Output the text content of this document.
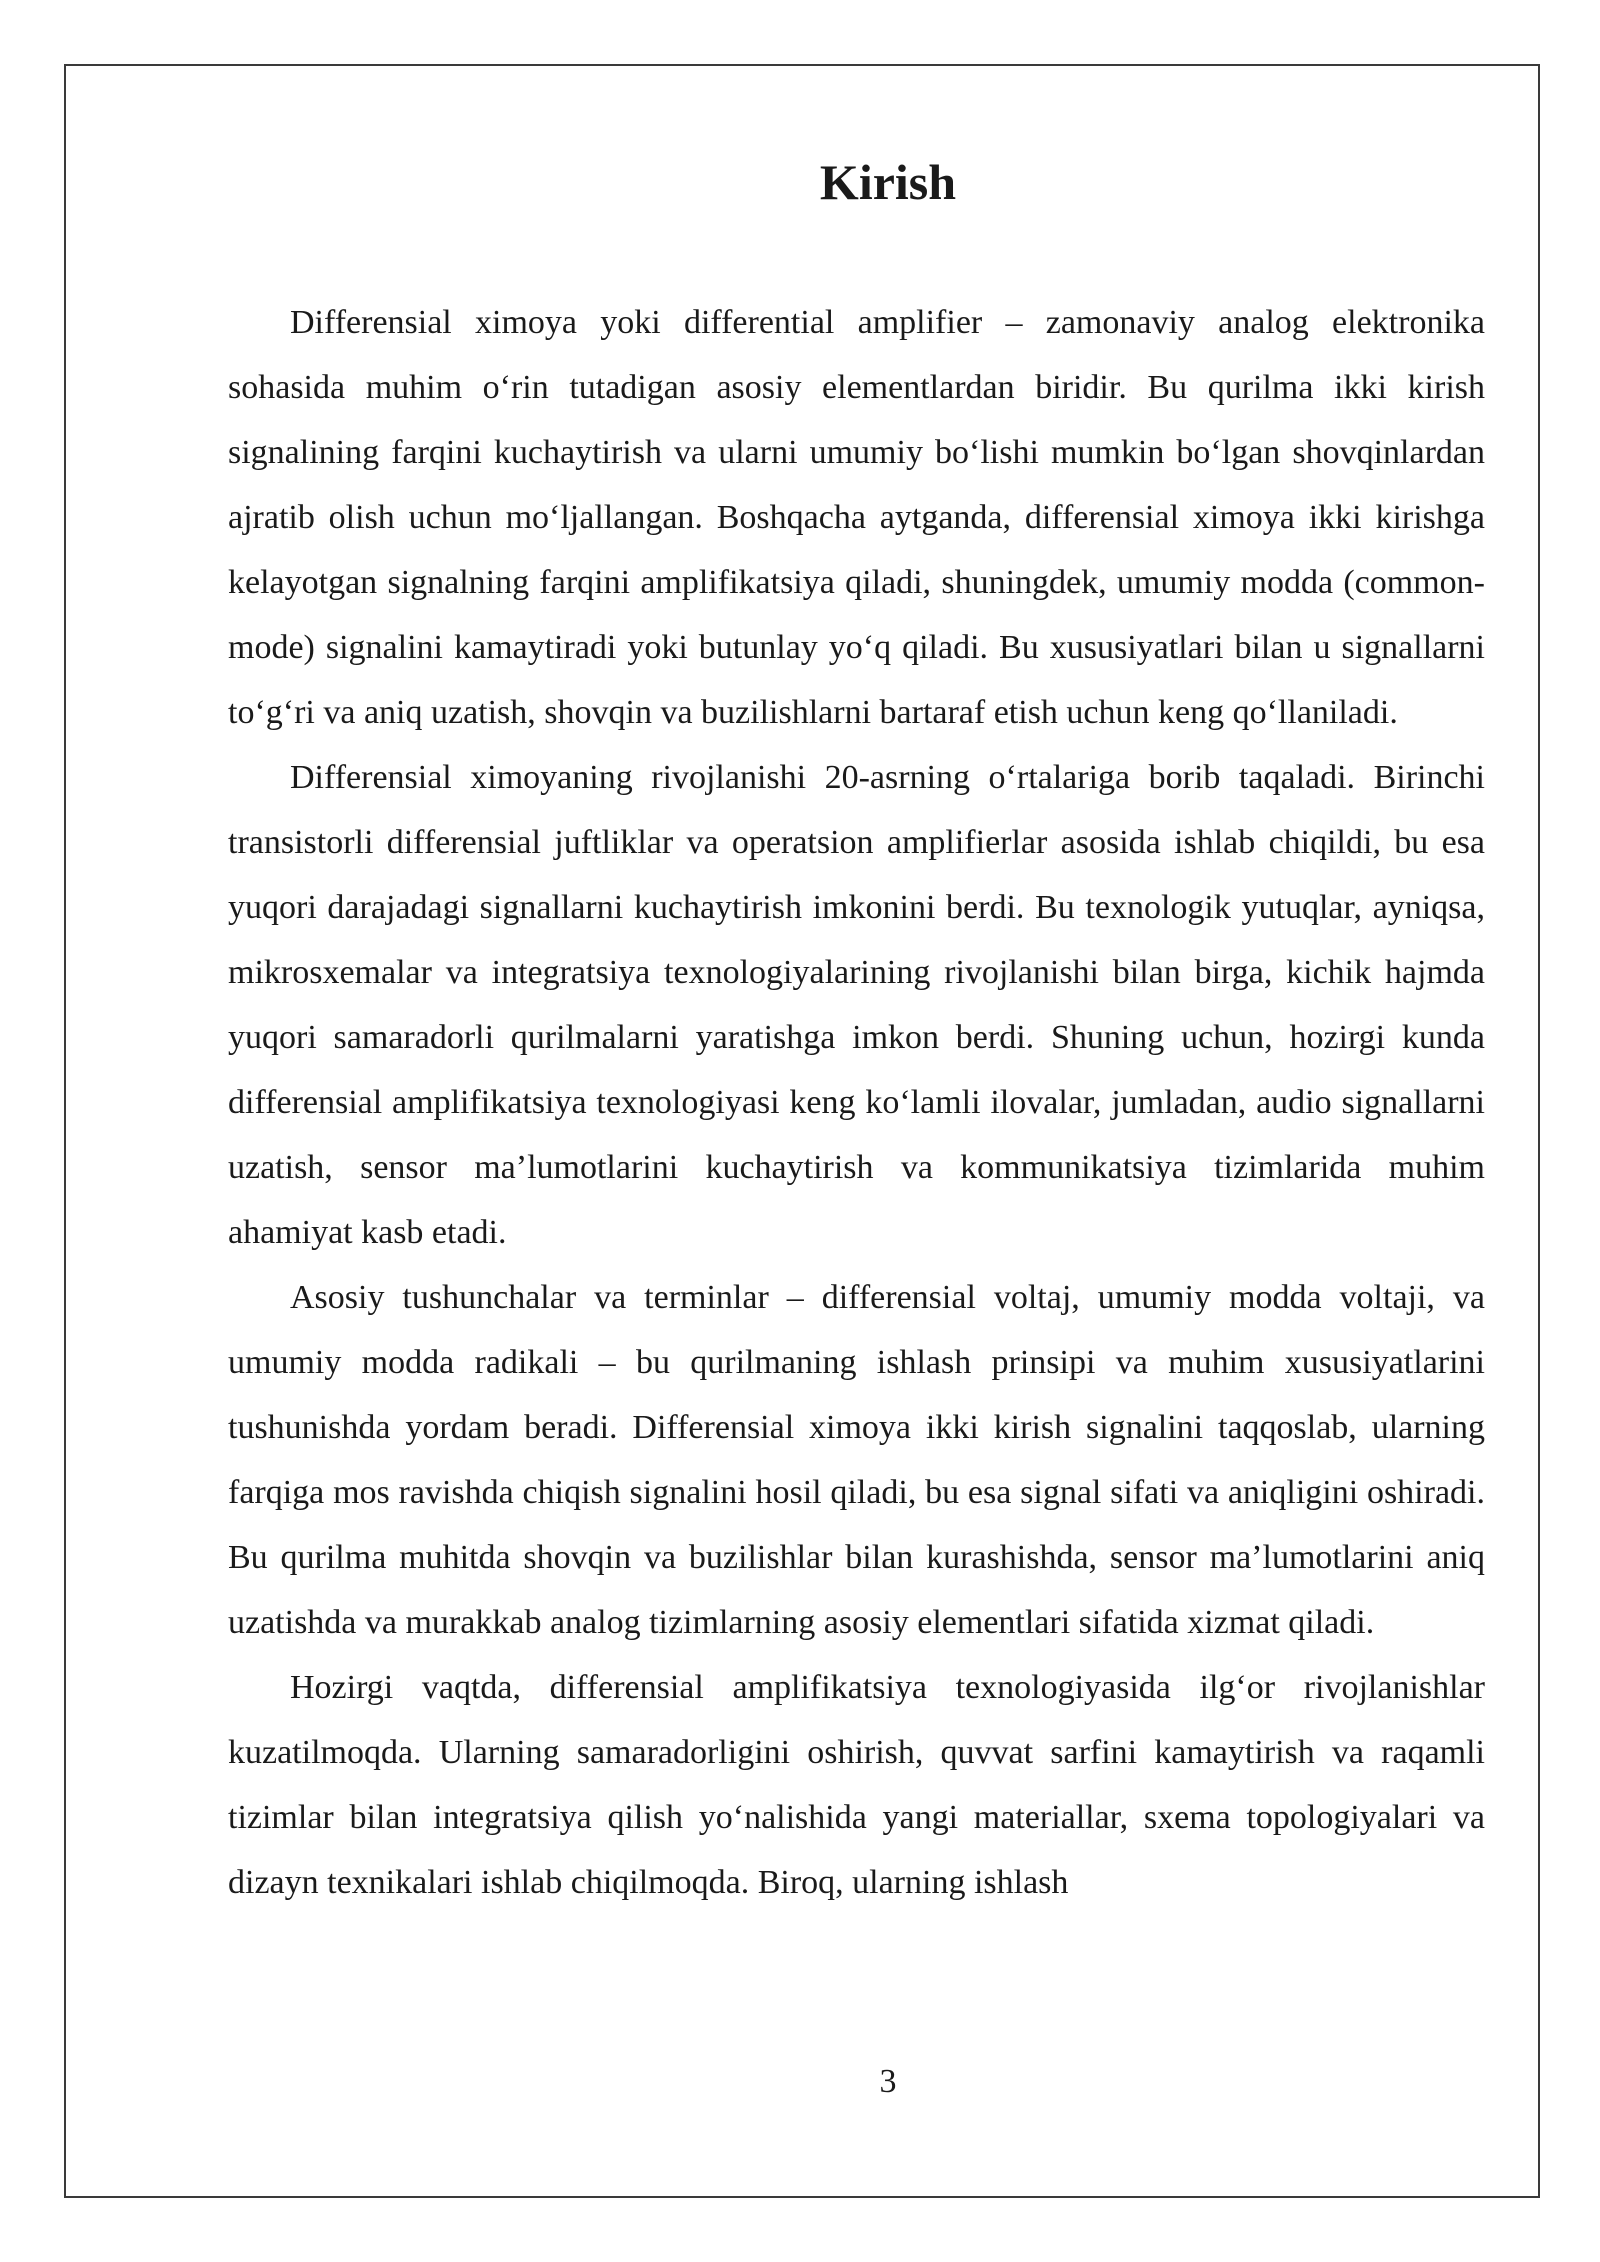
Kirish

Differensial ximoya yoki differential amplifier – zamonaviy analog elektronika sohasida muhim o‘rin tutadigan asosiy elementlardan biridir. Bu qurilma ikki kirish signalining farqini kuchaytirish va ularni umumiy bo‘lishi mumkin bo‘lgan shovqinlardan ajratib olish uchun mo‘ljallangan. Boshqacha aytganda, differensial ximoya ikki kirishga kelayotgan signalning farqini amplifikatsiya qiladi, shuningdek, umumiy modda (common-mode) signalini kamaytiradi yoki butunlay yo‘q qiladi. Bu xususiyatlari bilan u signallarni to‘g‘ri va aniq uzatish, shovqin va buzilishlarni bartaraf etish uchun keng qo‘llaniladi.

Differensial ximoyaning rivojlanishi 20-asrning o‘rtalariga borib taqaladi. Birinchi transistorli differensial juftliklar va operatsion amplifierlar asosida ishlab chiqildi, bu esa yuqori darajadagi signallarni kuchaytirish imkonini berdi. Bu texnologik yutuqlar, ayniqsa, mikrosxemalar va integratsiya texnologiyalarining rivojlanishi bilan birga, kichik hajmda yuqori samaradorli qurilmalarni yaratishga imkon berdi. Shuning uchun, hozirgi kunda differensial amplifikatsiya texnologiyasi keng ko‘lamli ilovalar, jumladan, audio signallarni uzatish, sensor ma’lumotlarini kuchaytirish va kommunikatsiya tizimlarida muhim ahamiyat kasb etadi.

Asosiy tushunchalar va terminlar – differensial voltaj, umumiy modda voltaji, va umumiy modda radikali – bu qurilmaning ishlash prinsipi va muhim xususiyatlarini tushunishda yordam beradi. Differensial ximoya ikki kirish signalini taqqoslab, ularning farqiga mos ravishda chiqish signalini hosil qiladi, bu esa signal sifati va aniqligini oshiradi. Bu qurilma muhitda shovqin va buzilishlar bilan kurashishda, sensor ma’lumotlarini aniq uzatishda va murakkab analog tizimlarning asosiy elementlari sifatida xizmat qiladi.

Hozirgi vaqtda, differensial amplifikatsiya texnologiyasida ilg‘or rivojlanishlar kuzatilmoqda. Ularning samaradorligini oshirish, quvvat sarfini kamaytirish va raqamli tizimlar bilan integratsiya qilish yo‘nalishida yangi materiallar, sxema topologiyalari va dizayn texnikalari ishlab chiqilmoqda. Biroq, ularning ishlash

3
